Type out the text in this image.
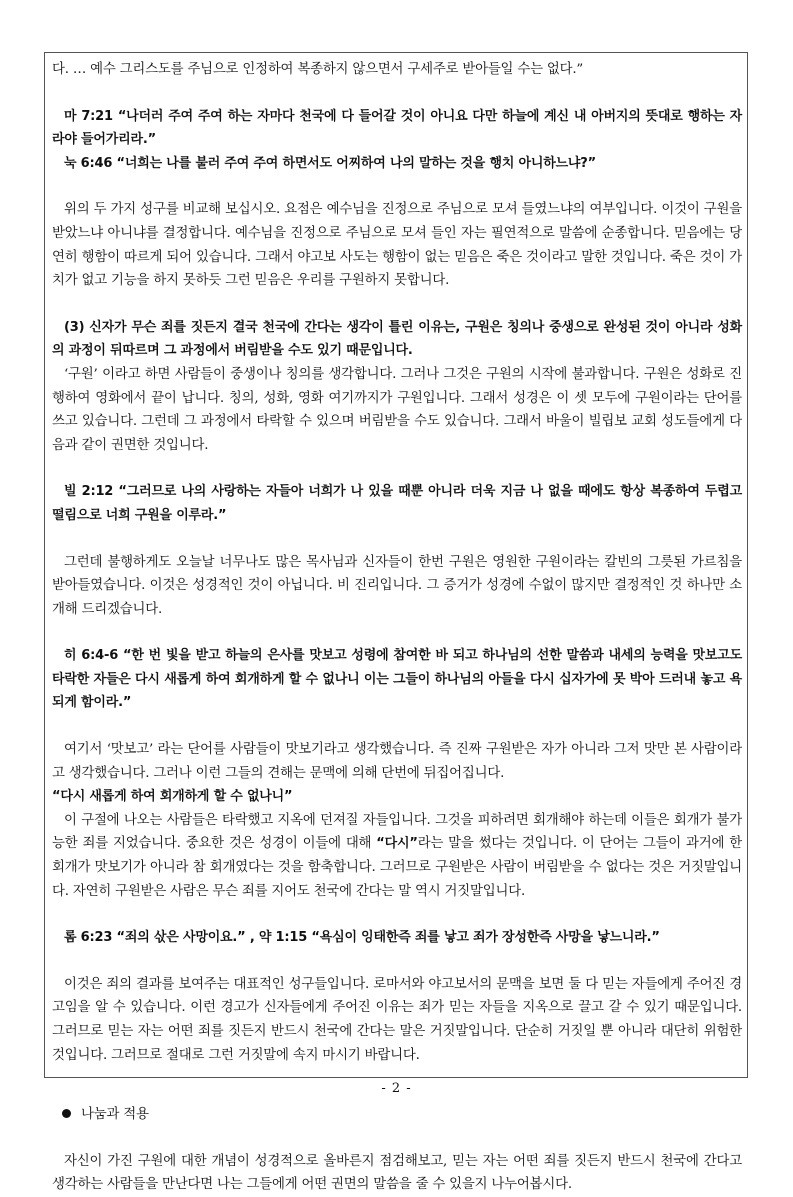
다. … 예수 그리스도를 주님으로 인정하여 복종하지 않으면서 구세주로 받아들일 수는 없다.”

마 7:21 “나더러 주여 주여 하는 자마다 천국에 다 들어갈 것이 아니요 다만 하늘에 계신 내 아버지의 뜻대로 행하는 자라야 들어가리라.”

눅 6:46 “너희는 나를 불러 주여 주여 하면서도 어찌하여 나의 말하는 것을 행치 아니하느냐?”

위의 두 가지 성구를 비교해 보십시오. 요점은 예수님을 진정으로 주님으로 모셔 들였느냐의 여부입니다. 이것이 구원을 받았느냐 아니냐를 결정합니다. 예수님을 진정으로 주님으로 모셔 들인 자는 필연적으로 말씀에 순종합니다. 믿음에는 당연히 행함이 따르게 되어 있습니다. 그래서 야고보 사도는 행함이 없는 믿음은 죽은 것이라고 말한 것입니다. 죽은 것이 가치가 없고 기능을 하지 못하듯 그런 믿음은 우리를 구원하지 못합니다.

(3) 신자가 무슨 죄를 짓든지 결국 천국에 간다는 생각이 틀린 이유는, 구원은 칭의나 중생으로 완성된 것이 아니라 성화의 과정이 뒤따르며 그 과정에서 버림받을 수도 있기 때문입니다.

‘구원’ 이라고 하면 사람들이 중생이나 칭의를 생각합니다. 그러나 그것은 구원의 시작에 불과합니다. 구원은 성화로 진행하여 영화에서 끝이 납니다. 칭의, 성화, 영화 여기까지가 구원입니다. 그래서 성경은 이 셋 모두에 구원이라는 단어를 쓰고 있습니다. 그런데 그 과정에서 타락할 수 있으며 버림받을 수도 있습니다. 그래서 바울이 빌립보 교회 성도들에게 다음과 같이 권면한 것입니다.

빌 2:12 “그러므로 나의 사랑하는 자들아 너희가 나 있을 때뿐 아니라 더욱 지금 나 없을 때에도 항상 복종하여 두렵고 떨림으로 너희 구원을 이루라.”

그런데 불행하게도 오늘날 너무나도 많은 목사님과 신자들이 한번 구원은 영원한 구원이라는 칼빈의 그릇된 가르침을 받아들였습니다. 이것은 성경적인 것이 아닙니다. 비 진리입니다. 그 증거가 성경에 수없이 많지만 결정적인 것 하나만 소개해 드리겠습니다.

히 6:4-6 “한 번 빛을 받고 하늘의 은사를 맛보고 성령에 참여한 바 되고 하나님의 선한 말씀과 내세의 능력을 맛보고도 타락한 자들은 다시 새롭게 하여 회개하게 할 수 없나니 이는 그들이 하나님의 아들을 다시 십자가에 못 박아 드러내 놓고 욕되게 함이라.”

여기서 ‘맛보고’ 라는 단어를 사람들이 맛보기라고 생각했습니다. 즉 진짜 구원받은 자가 아니라 그저 맛만 본 사람이라고 생각했습니다. 그러나 이런 그들의 견해는 문맥에 의해 단번에 뒤집어집니다.

“다시 새롭게 하여 회개하게 할 수 없나니”

이 구절에 나오는 사람들은 타락했고 지옥에 던져질 자들입니다. 그것을 피하려면 회개해야 하는데 이들은 회개가 불가능한 죄를 지었습니다. 중요한 것은 성경이 이들에 대해 “다시”라는 말을 썼다는 것입니다. 이 단어는 그들이 과거에 한 회개가 맛보기가 아니라 참 회개였다는 것을 함축합니다. 그러므로 구원받은 사람이 버림받을 수 없다는 것은 거짓말입니다. 자연히 구원받은 사람은 무슨 죄를 지어도 천국에 간다는 말 역시 거짓말입니다.

롬 6:23 “죄의 삯은 사망이요.” , 약 1:15 “욕심이 잉태한즉 죄를 낳고 죄가 장성한즉 사망을 낳느니라.”

이것은 죄의 결과를 보여주는 대표적인 성구들입니다. 로마서와 야고보서의 문맥을 보면 둘 다 믿는 자들에게 주어진 경고임을 알 수 있습니다. 이런 경고가 신자들에게 주어진 이유는 죄가 믿는 자들을 지옥으로 끌고 갈 수 있기 때문입니다. 그러므로 믿는 자는 어떤 죄를 짓든지 반드시 천국에 간다는 말은 거짓말입니다. 단순히 거짓일 뿐 아니라 대단히 위험한 것입니다. 그러므로 절대로 그런 거짓말에 속지 마시기 바랍니다.

나눔과 적용

자신이 가진 구원에 대한 개념이 성경적으로 올바른지 점검해보고, 믿는 자는 어떤 죄를 짓든지 반드시 천국에 간다고 생각하는 사람들을 만난다면 나는 그들에게 어떤 권면의 말씀을 줄 수 있을지 나누어봅시다.

- 2 -
